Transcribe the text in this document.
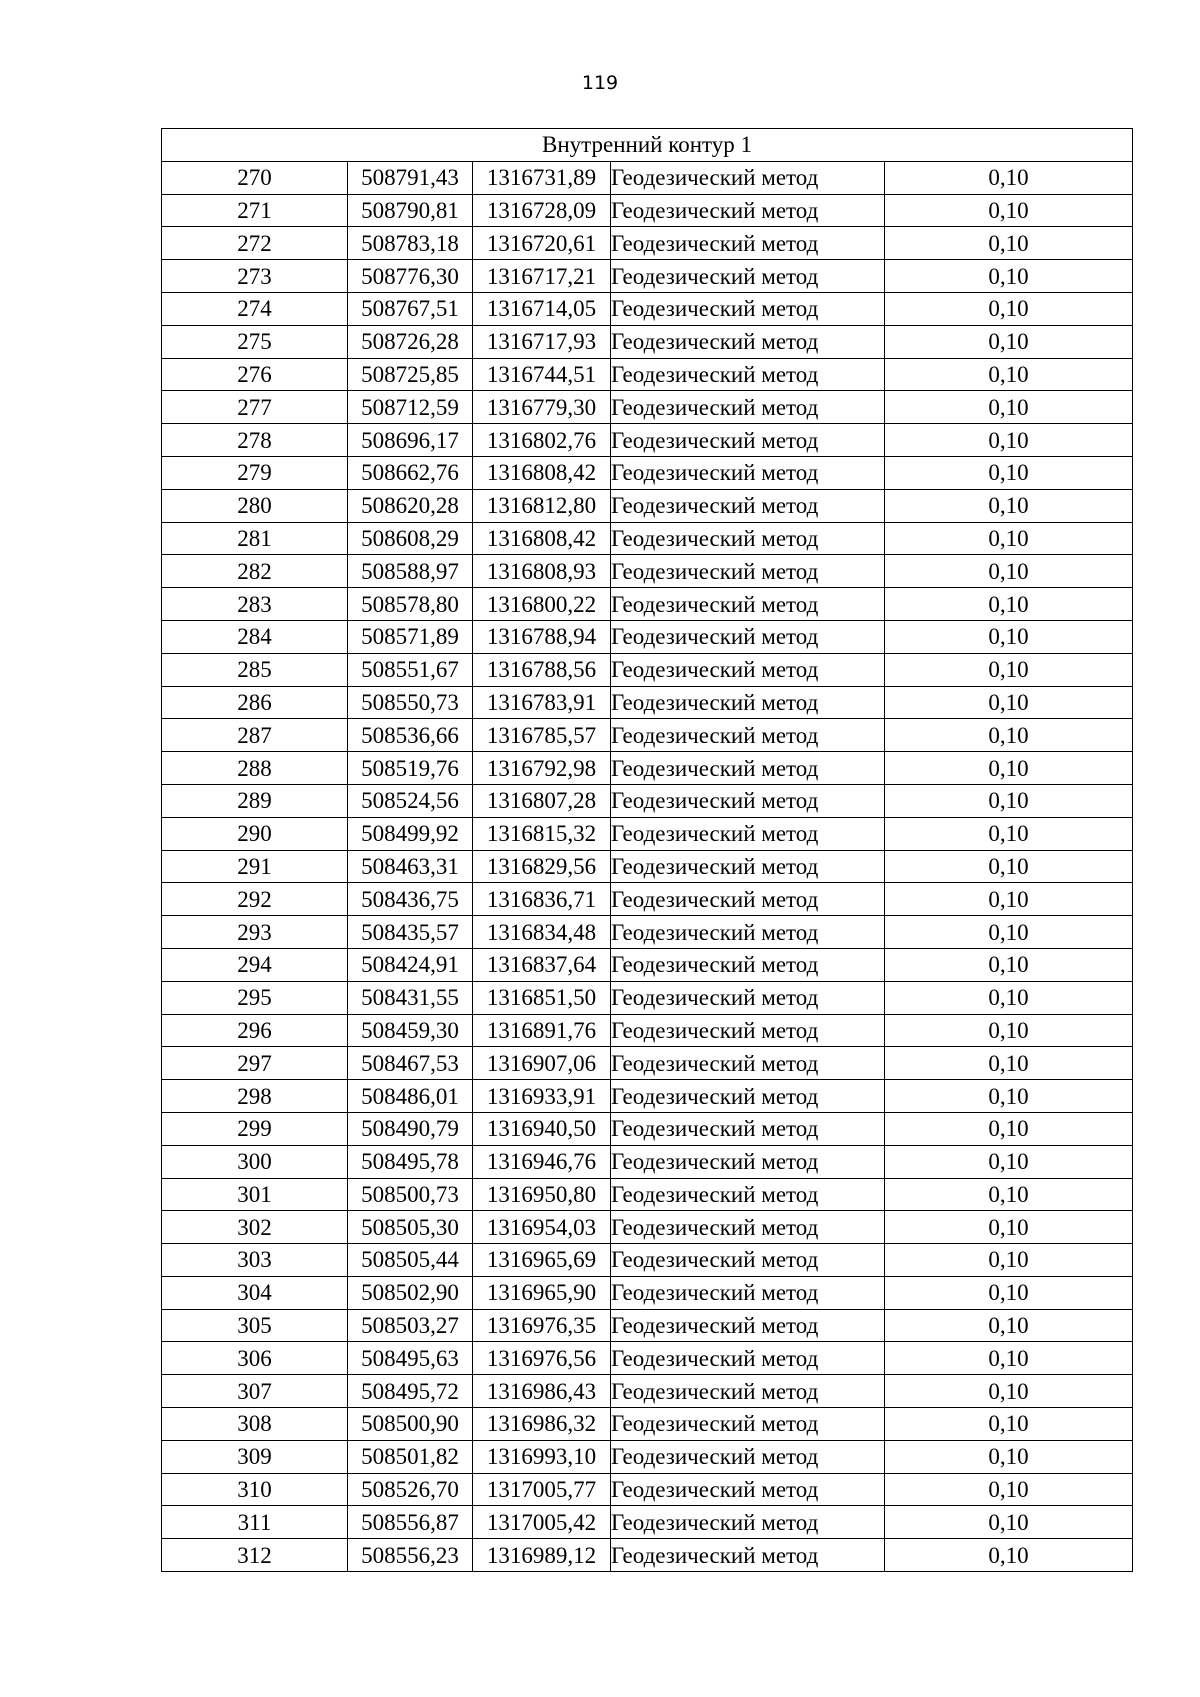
119
Внутренний контур 1				
270	508791,43	1316731,89	Геодезический метод	0,10
271	508790,81	1316728,09	Геодезический метод	0,10
272	508783,18	1316720,61	Геодезический метод	0,10
273	508776,30	1316717,21	Геодезический метод	0,10
274	508767,51	1316714,05	Геодезический метод	0,10
275	508726,28	1316717,93	Геодезический метод	0,10
276	508725,85	1316744,51	Геодезический метод	0,10
277	508712,59	1316779,30	Геодезический метод	0,10
278	508696,17	1316802,76	Геодезический метод	0,10
279	508662,76	1316808,42	Геодезический метод	0,10
280	508620,28	1316812,80	Геодезический метод	0,10
281	508608,29	1316808,42	Геодезический метод	0,10
282	508588,97	1316808,93	Геодезический метод	0,10
283	508578,80	1316800,22	Геодезический метод	0,10
284	508571,89	1316788,94	Геодезический метод	0,10
285	508551,67	1316788,56	Геодезический метод	0,10
286	508550,73	1316783,91	Геодезический метод	0,10
287	508536,66	1316785,57	Геодезический метод	0,10
288	508519,76	1316792,98	Геодезический метод	0,10
289	508524,56	1316807,28	Геодезический метод	0,10
290	508499,92	1316815,32	Геодезический метод	0,10
291	508463,31	1316829,56	Геодезический метод	0,10
292	508436,75	1316836,71	Геодезический метод	0,10
293	508435,57	1316834,48	Геодезический метод	0,10
294	508424,91	1316837,64	Геодезический метод	0,10
295	508431,55	1316851,50	Геодезический метод	0,10
296	508459,30	1316891,76	Геодезический метод	0,10
297	508467,53	1316907,06	Геодезический метод	0,10
298	508486,01	1316933,91	Геодезический метод	0,10
299	508490,79	1316940,50	Геодезический метод	0,10
300	508495,78	1316946,76	Геодезический метод	0,10
301	508500,73	1316950,80	Геодезический метод	0,10
302	508505,30	1316954,03	Геодезический метод	0,10
303	508505,44	1316965,69	Геодезический метод	0,10
304	508502,90	1316965,90	Геодезический метод	0,10
305	508503,27	1316976,35	Геодезический метод	0,10
306	508495,63	1316976,56	Геодезический метод	0,10
307	508495,72	1316986,43	Геодезический метод	0,10
308	508500,90	1316986,32	Геодезический метод	0,10
309	508501,82	1316993,10	Геодезический метод	0,10
310	508526,70	1317005,77	Геодезический метод	0,10
311	508556,87	1317005,42	Геодезический метод	0,10
312	508556,23	1316989,12	Геодезический метод	0,10
